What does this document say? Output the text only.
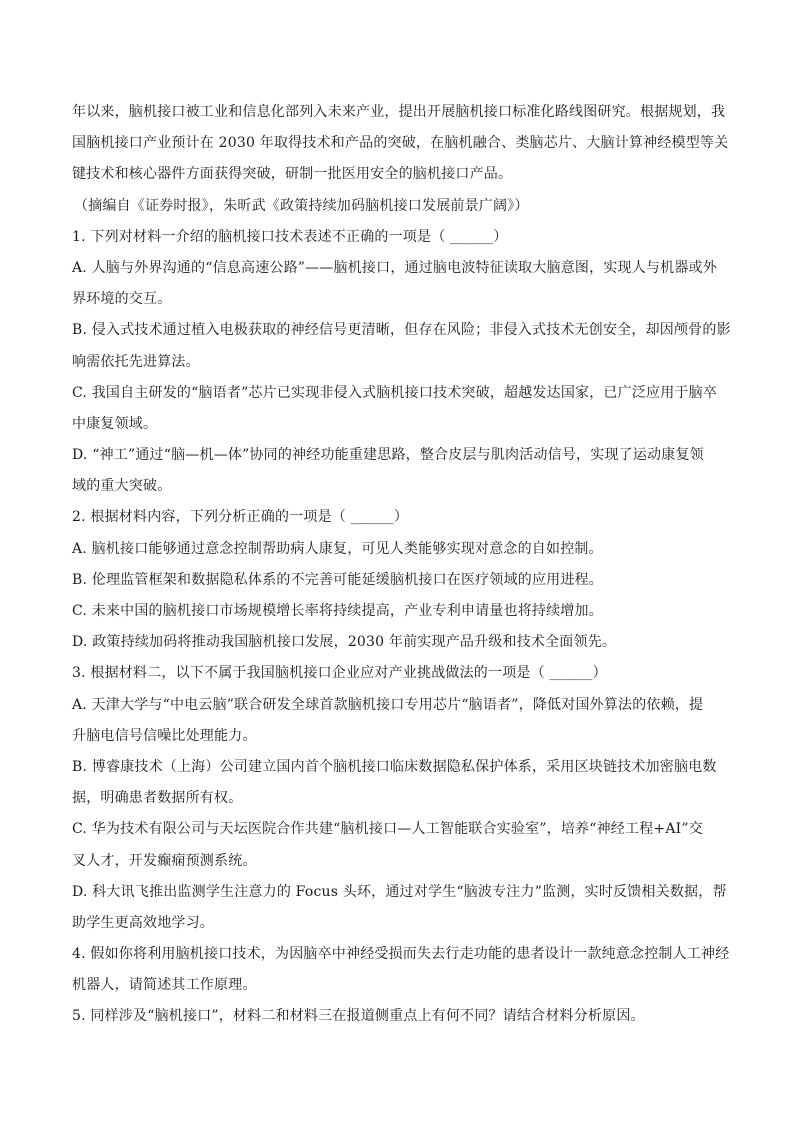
年以来，脑机接口被工业和信息化部列入未来产业，提出开展脑机接口标准化路线图研究。根据规划，我
国脑机接口产业预计在 2030 年取得技术和产品的突破，在脑机融合、类脑芯片、大脑计算神经模型等关
键技术和核心器件方面获得突破，研制一批医用安全的脑机接口产品。
（摘编自《证券时报》，朱昕武《政策持续加码脑机接口发展前景广阔》）
1. 下列对材料一介绍的脑机接口技术表述不正确的一项是（ ______）
A. 人脑与外界沟通的“信息高速公路”——脑机接口，通过脑电波特征读取大脑意图，实现人与机器或外
界环境的交互。
B. 侵入式技术通过植入电极获取的神经信号更清晰，但存在风险；非侵入式技术无创安全，却因颅骨的影
响需依托先进算法。
C. 我国自主研发的“脑语者”芯片已实现非侵入式脑机接口技术突破，超越发达国家，已广泛应用于脑卒
中康复领域。
D. “神工”通过“脑—机—体”协同的神经功能重建思路，整合皮层与肌肉活动信号，实现了运动康复领
域的重大突破。
2. 根据材料内容，下列分析正确的一项是（ ______）
A. 脑机接口能够通过意念控制帮助病人康复，可见人类能够实现对意念的自如控制。
B. 伦理监管框架和数据隐私体系的不完善可能延缓脑机接口在医疗领域的应用进程。
C. 未来中国的脑机接口市场规模增长率将持续提高，产业专利申请量也将持续增加。
D. 政策持续加码将推动我国脑机接口发展，2030 年前实现产品升级和技术全面领先。
3. 根据材料二，以下不属于我国脑机接口企业应对产业挑战做法的一项是（ ______）
A. 天津大学与“中电云脑”联合研发全球首款脑机接口专用芯片“脑语者”，降低对国外算法的依赖，提
升脑电信号信噪比处理能力。
B. 博睿康技术（上海）公司建立国内首个脑机接口临床数据隐私保护体系，采用区块链技术加密脑电数
据，明确患者数据所有权。
C. 华为技术有限公司与天坛医院合作共建“脑机接口—人工智能联合实验室”，培养“神经工程+AI”交
叉人才，开发癫痫预测系统。
D. 科大讯飞推出监测学生注意力的 Focus 头环，通过对学生“脑波专注力”监测，实时反馈相关数据，帮
助学生更高效地学习。
4. 假如你将利用脑机接口技术，为因脑卒中神经受损而失去行走功能的患者设计一款纯意念控制人工神经
机器人，请简述其工作原理。
5. 同样涉及“脑机接口”，材料二和材料三在报道侧重点上有何不同？请结合材料分析原因。
